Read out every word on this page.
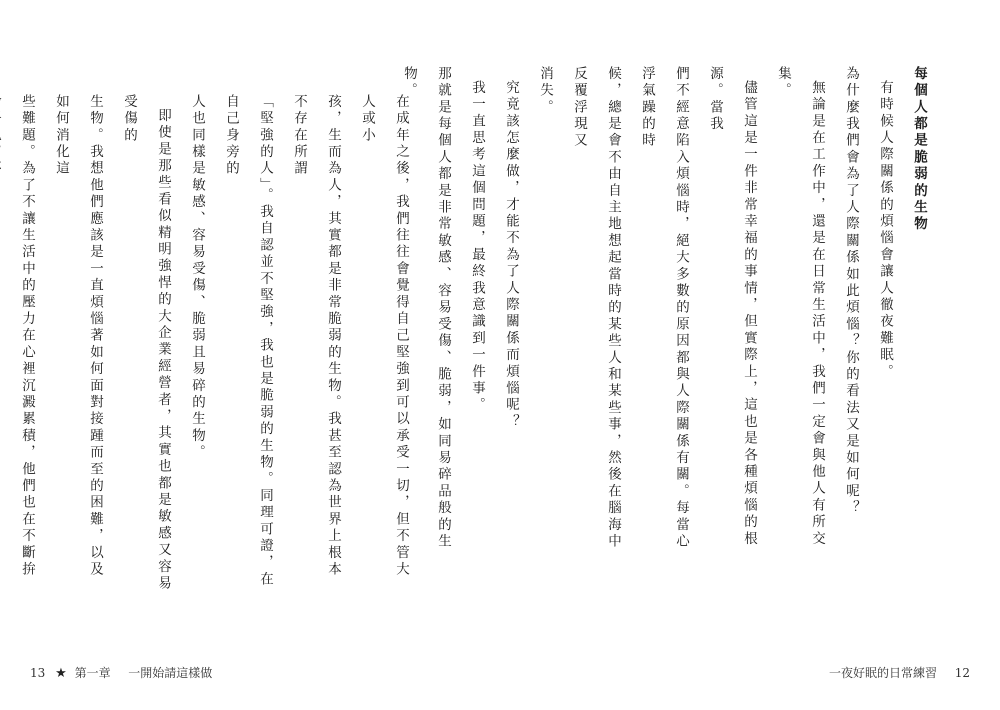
在成年之後，我們往往會覺得自己堅強到可以承受一切，但不管大人或小
孩，生而為人，其實都是非常脆弱的生物。我甚至認為世界上根本不存在所謂
「堅強的人」。我自認並不堅強，我也是脆弱的生物。同理可證，在自己身旁的
人也同樣是敏感、容易受傷、脆弱且易碎的生物。
即使是那些看似精明強悍的大企業經營者，其實也都是敏感又容易受傷的
生物。我想他們應該是一直煩惱著如何面對接踵而至的困難，以及如何消化這
些難題。為了不讓生活中的壓力在心裡沉澱累積，他們也在不斷拚
13 ★ 第一章 一開始請這樣做
每個人都是脆弱的生物
有時候人際關係的煩惱會讓人徹夜難眠。
為什麼我們會為了人際關係如此煩惱？你的看法又是如何呢？
無論是在工作中，還是在日常生活中，我們一定會與他人有所交集。
儘管這是一件非常幸福的事情，但實際上，這也是各種煩惱的根源。當我
們不經意陷入煩惱時，絕大多數的原因都與人際關係有關。每當心浮氣躁的時
候，總是會不由自主地想起當時的某些人和某些事，然後在腦海中反覆浮現又
消失。
究竟該怎麼做，才能不為了人際關係而煩惱呢？
我一直思考這個問題，最終我意識到一件事。
那就是每個人都是非常敏感、容易受傷、脆弱，如同易碎品般的生物。
一夜好眠的日常練習 12
